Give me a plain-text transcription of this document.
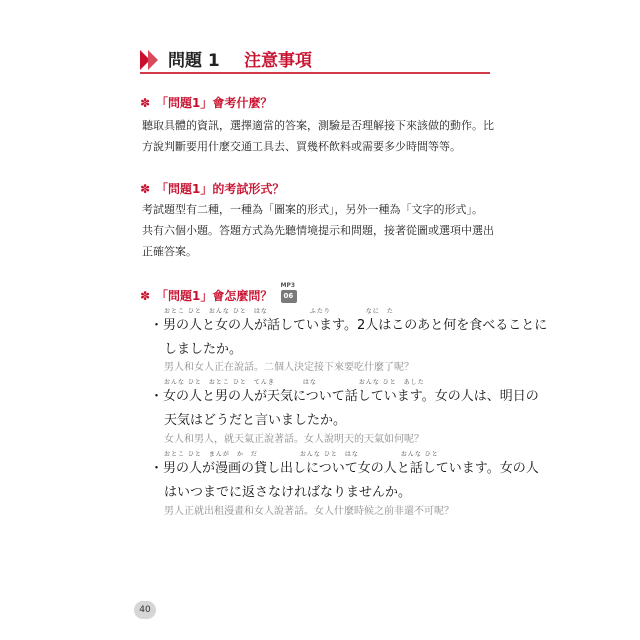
問題 1 注意事項
✽ 「問題1」會考什麼？
聽取具體的資訊，選擇適當的答案，測驗是否理解接下來該做的動作。比
方說判斷要用什麼交通工具去、買幾杯飲料或需要多少時間等等。
✽ 「問題1」的考試形式？
考試題型有二種，一種為「圖案的形式」，另外一種為「文字的形式」。
共有六個小題。答題方式為先聽情境提示和問題，接著從圖或選項中選出
正確答案。
✽ 「問題1」會怎麼問？
MP3
06
おとこ ひと　おんな ひと　はな　　　　　　ふたり　　　　　なに　た
・男の人と女の人が話しています。2人はこのあと何を食べることに
しましたか。
男人和女人正在說話。二個人決定接下來要吃什麼了呢？
おんな ひと　おとこ ひと　てんき　　　　はな　　　　　　おんな ひと　あした
・女の人と男の人が天気について話しています。女の人は、明日の
天気はどうだと言いましたか。
女人和男人，就天氣正說著話。女人說明天的天氣如何呢？
おとこ ひと　まんが　か　だ　　　　　　おんな ひと　はな　　　　　　おんな ひと
・男の人が漫画の貸し出しについて女の人と話しています。女の人
はいつまでに返さなければなりませんか。
男人正就出租漫畫和女人說著話。女人什麼時候之前非還不可呢？
40
